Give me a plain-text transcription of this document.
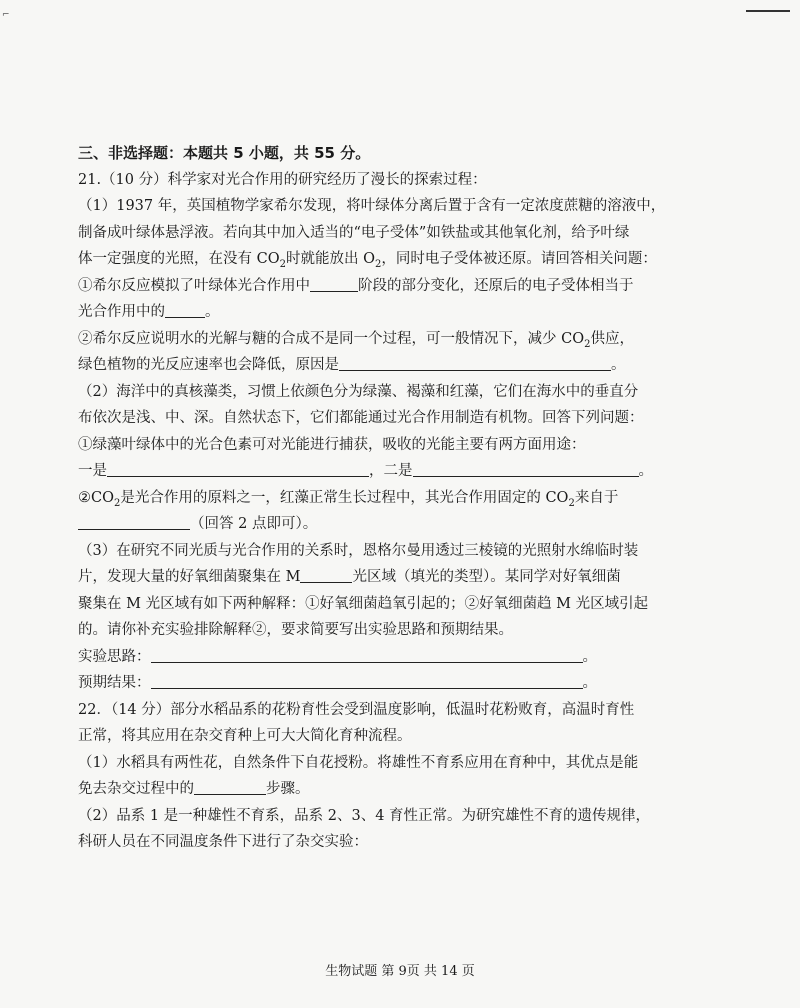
⌐
三、非选择题：本题共 5 小题，共 55 分。
21.（10 分）科学家对光合作用的研究经历了漫长的探索过程：
（1）1937 年，英国植物学家希尔发现，将叶绿体分离后置于含有一定浓度蔗糖的溶液中，
制备成叶绿体悬浮液。若向其中加入适当的“电子受体”如铁盐或其他氧化剂，给予叶绿
体一定强度的光照，在没有 $CO_2$时就能放出 $O_2$，同时电子受体被还原。请回答相关问题：
①希尔反应模拟了叶绿体光合作用中	阶段的部分变化，还原后的电子受体相当于
光合作用中的	。
②希尔反应说明水的光解与糖的合成不是同一个过程，可一般情况下，减少 $CO_2$供应，
绿色植物的光反应速率也会降低，原因是	。
（2）海洋中的真核藻类，习惯上依颜色分为绿藻、褐藻和红藻，它们在海水中的垂直分
布依次是浅、中、深。自然状态下，它们都能通过光合作用制造有机物。回答下列问题：
①绿藻叶绿体中的光合色素可对光能进行捕获，吸收的光能主要有两方面用途：
一是	，二是	。
$②CO_2$是光合作用的原料之一，红藻正常生长过程中，其光合作用固定的 $CO_2$来自于
（回答 2 点即可）。
（3）在研究不同光质与光合作用的关系时，恩格尔曼用透过三棱镜的光照射水绵临时装
片，发现大量的好氧细菌聚集在 M	光区域（填光的类型）。某同学对好氧细菌
聚集在 M 光区域有如下两种解释：①好氧细菌趋氧引起的；②好氧细菌趋 M 光区域引起
的。请你补充实验排除解释②，要求简要写出实验思路和预期结果。
实验思路：	。
预期结果：	。
22．（14 分）部分水稻品系的花粉育性会受到温度影响，低温时花粉败育，高温时育性
正常，将其应用在杂交育种上可大大简化育种流程。
（1）水稻具有两性花，自然条件下自花授粉。将雄性不育系应用在育种中，其优点是能
免去杂交过程中的	步骤。
（2）品系 1 是一种雄性不育系，品系 2、3、4 育性正常。为研究雄性不育的遗传规律，
科研人员在不同温度条件下进行了杂交实验：
生物试题 第 9页 共 14 页
